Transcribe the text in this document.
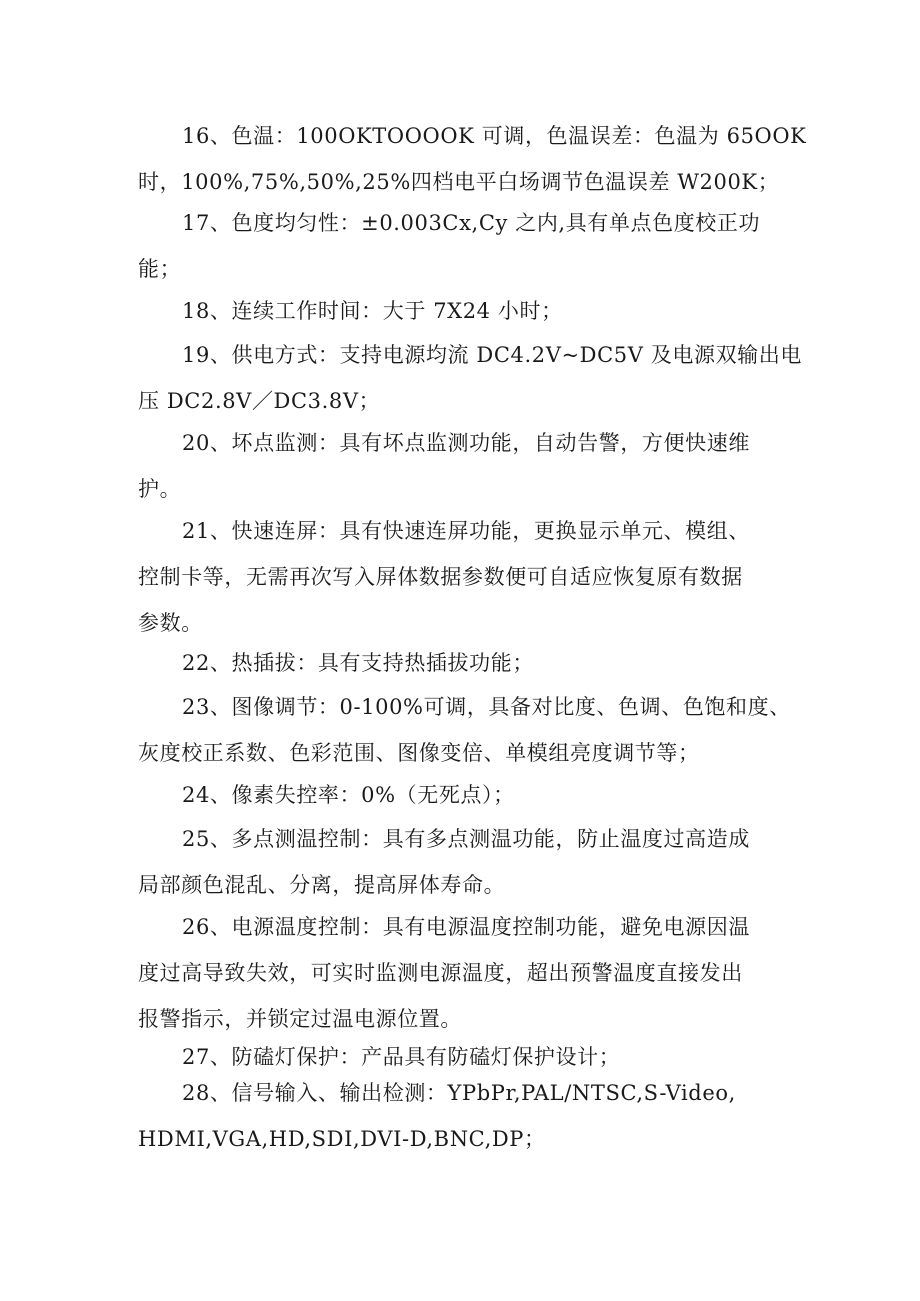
16、色温：100OKTOOOOK 可调，色温误差：色温为 65OOK
时，100%,75%,50%,25%四档电平白场调节色温误差 W200K；

17、色度均匀性：±0.003Cx,Cy 之内,具有单点色度校正功
能；

18、连续工作时间：大于 7X24 小时；

19、供电方式：支持电源均流 DC4.2V~DC5V 及电源双输出电
压 DC2.8V／DC3.8V；

20、坏点监测：具有坏点监测功能，自动告警，方便快速维
护。

21、快速连屏：具有快速连屏功能，更换显示单元、模组、
控制卡等，无需再次写入屏体数据参数便可自适应恢复原有数据
参数。

22、热插拔：具有支持热插拔功能；

23、图像调节：0-100%可调，具备对比度、色调、色饱和度、
灰度校正系数、色彩范围、图像变倍、单模组亮度调节等；

24、像素失控率：0%（无死点）；

25、多点测温控制：具有多点测温功能，防止温度过高造成
局部颜色混乱、分离，提高屏体寿命。

26、电源温度控制：具有电源温度控制功能，避免电源因温
度过高导致失效，可实时监测电源温度，超出预警温度直接发出
报警指示，并锁定过温电源位置。

27、防磕灯保护：产品具有防磕灯保护设计；

28、信号输入、输出检测：YPbPr,PAL/NTSC,S-Video,
HDMI,VGA,HD,SDI,DVI-D,BNC,DP；
